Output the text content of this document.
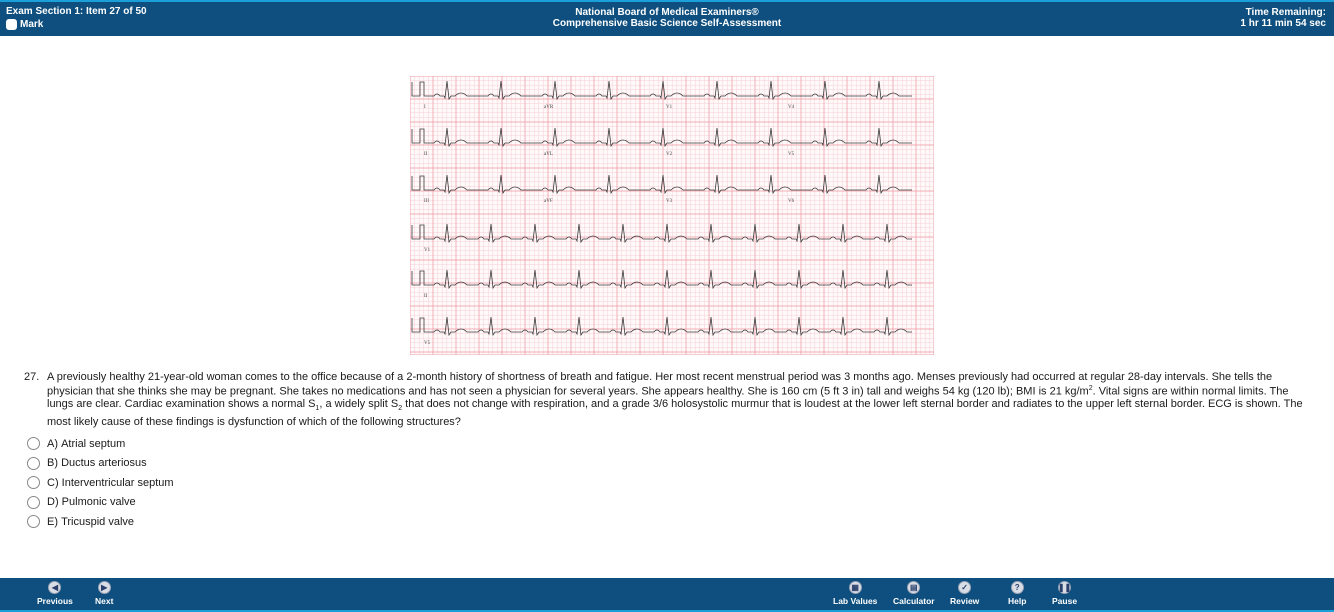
Exam Section 1: Item 27 of 50
Mark
National Board of Medical Examiners®
Comprehensive Basic Science Self-Assessment
Time Remaining:
1 hr 11 min 54 sec
I	aVR	V1	V4
II	aVL	V2	V5
III	aVF	V3	V6
V1
II
V5
27. A previously healthy 21-year-old woman comes to the office because of a 2-month history of shortness of breath and fatigue. Her most recent menstrual period was 3 months ago. Menses previously had occurred at regular 28-day intervals. She tells the physician that she thinks she may be pregnant. She takes no medications and has not seen a physician for several years. She appears healthy. She is 160 cm (5 ft 3 in) tall and weighs 54 kg (120 lb); BMI is 21 $kg/m^2$. Vital signs are within normal limits. The lungs are clear. Cardiac examination shows a normal $S_1$, a widely split $S_2$ that does not change with respiration, and a grade 3/6 holosystolic murmur that is loudest at the lower left sternal border and radiates to the upper left sternal border. ECG is shown. The most likely cause of these findings is dysfunction of which of the following structures?
A)
Atrial septum
B)
Ductus arteriosus
C)
Interventricular septum
D)
Pulmonic valve
E)
Tricuspid valve
◀
Previous
▶
Next
▦
Lab Values
▤
Calculator
✓
Review
?
Help
❚❚
Pause
